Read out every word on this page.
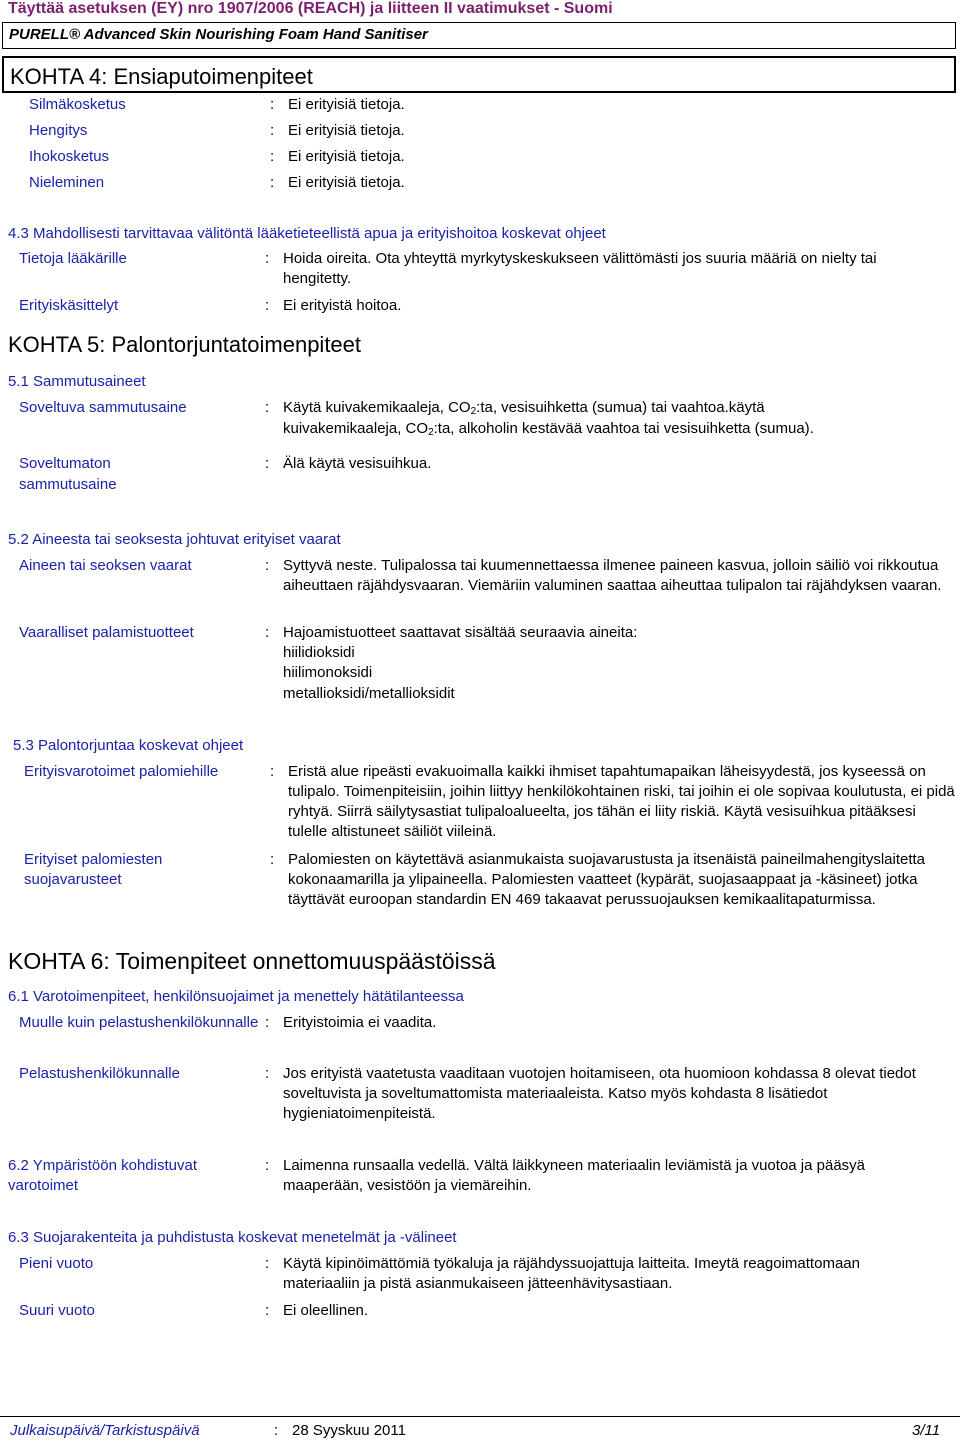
Täyttää asetuksen (EY) nro 1907/2006 (REACH) ja liitteen II vaatimukset - Suomi
PURELL® Advanced Skin Nourishing Foam Hand Sanitiser
KOHTA 4: Ensiaputoimenpiteet
Silmäkosketus	: Ei erityisiä tietoja.
Hengitys	: Ei erityisiä tietoja.
Ihokosketus	: Ei erityisiä tietoja.
Nieleminen	: Ei erityisiä tietoja.
4.3 Mahdollisesti tarvittavaa välitöntä lääketieteellistä apua ja erityishoitoa koskevat ohjeet
Tietoja lääkärille	: Hoida oireita. Ota yhteyttä myrkytyskeskukseen välittömästi jos suuria määriä on nielty tai hengitetty.
Erityiskäsittelyt	: Ei erityistä hoitoa.
KOHTA 5: Palontorjuntatoimenpiteet
5.1 Sammutusaineet
Soveltuva sammutusaine	: Käytä kuivakemikaaleja, $CO_2:ta$, vesisuihketta (sumua) tai vaahtoa.käytä
kuivakemikaaleja, $CO_2:ta$, alkoholin kestävää vaahtoa tai vesisuihketta (sumua).
Soveltumaton
sammutusaine
: Älä käytä vesisuihkua.
5.2 Aineesta tai seoksesta johtuvat erityiset vaarat
Aineen tai seoksen vaarat	: Syttyvä neste. Tulipalossa tai kuumennettaessa ilmenee paineen kasvua, jolloin säiliö voi rikkoutua aiheuttaen räjähdysvaaran. Viemäriin valuminen saattaa aiheuttaa tulipalon tai räjähdyksen vaaran.
Vaaralliset palamistuotteet	: Hajoamistuotteet saattavat sisältää seuraavia aineita:
hiilidioksidi
hiilimonoksidi
metallioksidi/metallioksidit
5.3 Palontorjuntaa koskevat ohjeet
Erityisvarotoimet palomiehille	: Eristä alue ripeästi evakuoimalla kaikki ihmiset tapahtumapaikan läheisyydestä, jos kyseessä on tulipalo. Toimenpiteisiin, joihin liittyy henkilökohtainen riski, tai joihin ei ole sopivaa koulutusta, ei pidä ryhtyä. Siirrä säilytysastiat tulipaloalueelta, jos tähän ei liity riskiä. Käytä vesisuihkua pitääksesi tulelle altistuneet säiliöt viileinä.
Erityiset palomiesten suojavarusteet
: Palomiesten on käytettävä asianmukaista suojavarustusta ja itsenäistä paineilmahengityslaitetta kokonaamarilla ja ylipaineella. Palomiesten vaatteet (kypärät, suojasaappaat ja -käsineet) jotka täyttävät euroopan standardin EN 469 takaavat perussuojauksen kemikaalitapaturmissa.
KOHTA 6: Toimenpiteet onnettomuuspäästöissä
6.1 Varotoimenpiteet, henkilönsuojaimet ja menettely hätätilanteessa
Muulle kuin pelastushenkilökunnalle : Erityistoimia ei vaadita.
Pelastushenkilökunnalle	: Jos erityistä vaatetusta vaaditaan vuotojen hoitamiseen, ota huomioon kohdassa 8 olevat tiedot soveltuvista ja soveltumattomista materiaaleista. Katso myös kohdasta 8 lisätiedot hygieniatoimenpiteistä.
6.2 Ympäristöön kohdistuvat varotoimet
: Laimenna runsaalla vedellä. Vältä läikkyneen materiaalin leviämistä ja vuotoa ja pääsyä maaperään, vesistöön ja viemäreihin.
6.3 Suojarakenteita ja puhdistusta koskevat menetelmät ja -välineet
Pieni vuoto	: Käytä kipinöimättömiä työkaluja ja räjähdyssuojattuja laitteita. Imeytä reagoimattomaan materiaaliin ja pistä asianmukaiseen jätteenhävitysastiaan.
Suuri vuoto	: Ei oleellinen.
Julkaisupäivä/Tarkistuspäivä	: 28 Syyskuu 2011	3/11
